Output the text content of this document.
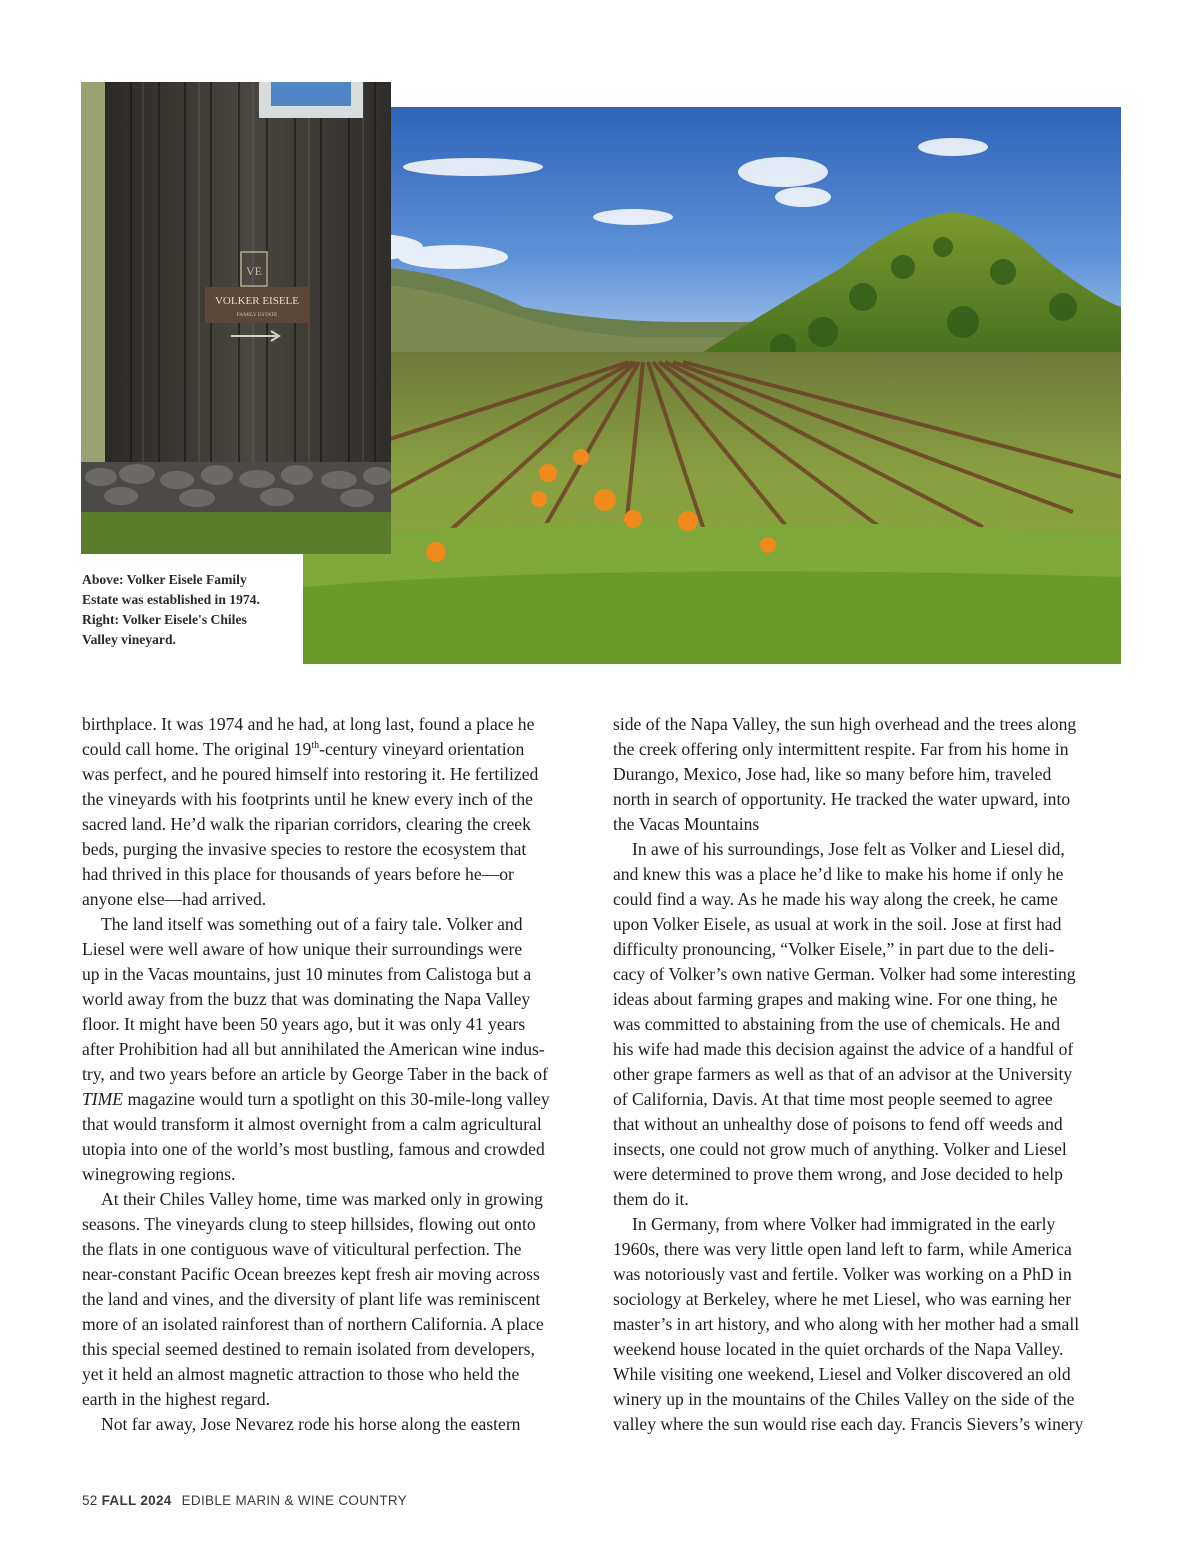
VE
VOLKER EISELE
FAMILY ESTATE

Above: Volker Eisele Family
Estate was established in 1974.
Right: Volker Eisele's Chiles
Valley vineyard.

birthplace. It was 1974 and he had, at long last, found a place he
could call home. The original 19th-century vineyard orientation
was perfect, and he poured himself into restoring it. He fertilized
the vineyards with his footprints until he knew every inch of the
sacred land. He’d walk the riparian corridors, clearing the creek
beds, purging the invasive species to restore the ecosystem that
had thrived in this place for thousands of years before he—or
anyone else—had arrived.

The land itself was something out of a fairy tale. Volker and
Liesel were well aware of how unique their surroundings were
up in the Vacas mountains, just 10 minutes from Calistoga but a
world away from the buzz that was dominating the Napa Valley
floor. It might have been 50 years ago, but it was only 41 years
after Prohibition had all but annihilated the American wine indus-
try, and two years before an article by George Taber in the back of
TIME magazine would turn a spotlight on this 30-mile-long valley
that would transform it almost overnight from a calm agricultural
utopia into one of the world’s most bustling, famous and crowded
winegrowing regions.

At their Chiles Valley home, time was marked only in growing
seasons. The vineyards clung to steep hillsides, flowing out onto
the flats in one contiguous wave of viticultural perfection. The
near-constant Pacific Ocean breezes kept fresh air moving across
the land and vines, and the diversity of plant life was reminiscent
more of an isolated rainforest than of northern California. A place
this special seemed destined to remain isolated from developers,
yet it held an almost magnetic attraction to those who held the
earth in the highest regard.

Not far away, Jose Nevarez rode his horse along the eastern

side of the Napa Valley, the sun high overhead and the trees along
the creek offering only intermittent respite. Far from his home in
Durango, Mexico, Jose had, like so many before him, traveled
north in search of opportunity. He tracked the water upward, into
the Vacas Mountains

In awe of his surroundings, Jose felt as Volker and Liesel did,
and knew this was a place he’d like to make his home if only he
could find a way. As he made his way along the creek, he came
upon Volker Eisele, as usual at work in the soil. Jose at first had
difficulty pronouncing, “Volker Eisele,” in part due to the deli-
cacy of Volker’s own native German. Volker had some interesting
ideas about farming grapes and making wine. For one thing, he
was committed to abstaining from the use of chemicals. He and
his wife had made this decision against the advice of a handful of
other grape farmers as well as that of an advisor at the University
of California, Davis. At that time most people seemed to agree
that without an unhealthy dose of poisons to fend off weeds and
insects, one could not grow much of anything. Volker and Liesel
were determined to prove them wrong, and Jose decided to help
them do it.

In Germany, from where Volker had immigrated in the early
1960s, there was very little open land left to farm, while America
was notoriously vast and fertile. Volker was working on a PhD in
sociology at Berkeley, where he met Liesel, who was earning her
master’s in art history, and who along with her mother had a small
weekend house located in the quiet orchards of the Napa Valley.
While visiting one weekend, Liesel and Volker discovered an old
winery up in the mountains of the Chiles Valley on the side of the
valley where the sun would rise each day. Francis Sievers’s winery

52 FALL 2024 EDIBLE MARIN & WINE COUNTRY
